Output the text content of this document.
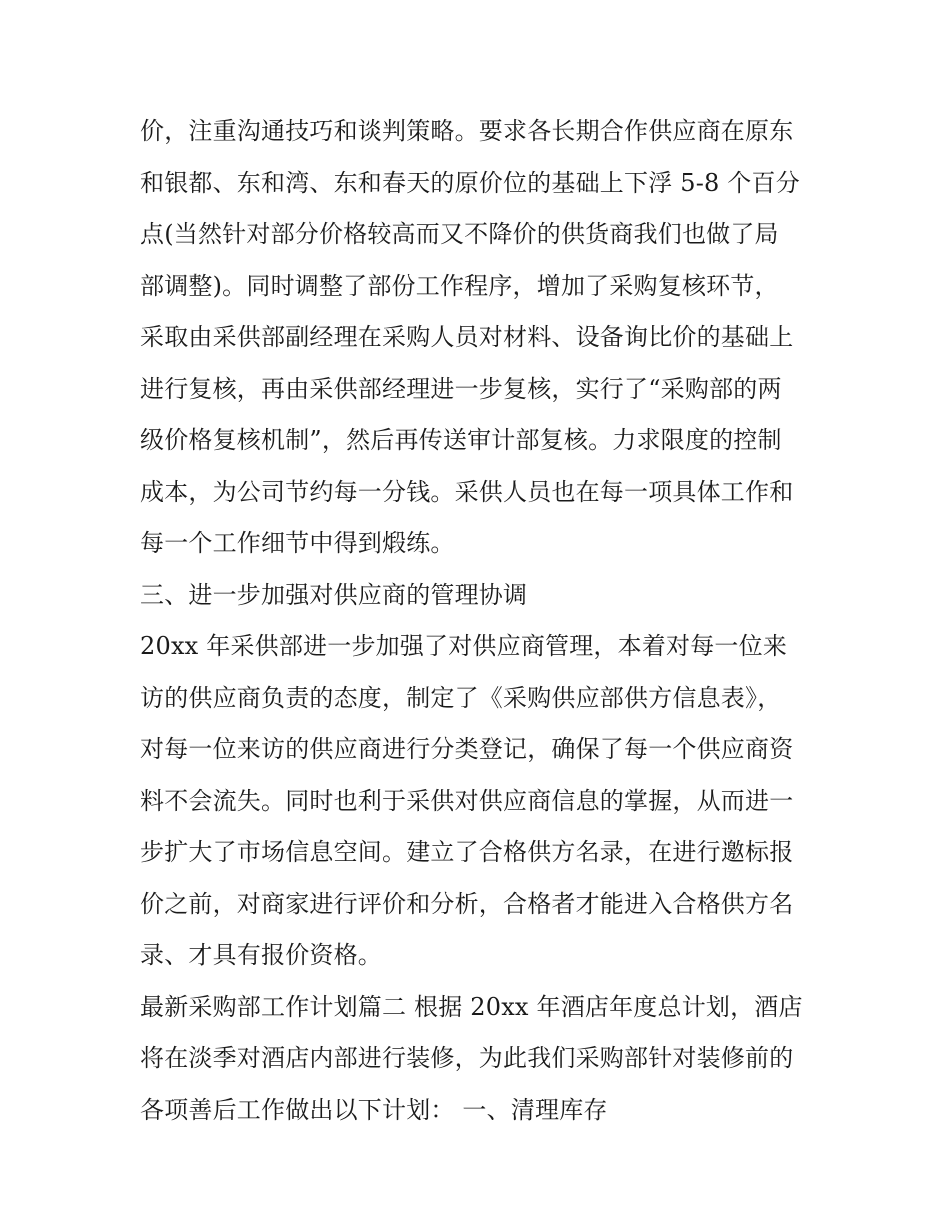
价，注重沟通技巧和谈判策略。要求各长期合作供应商在原东
和银都、东和湾、东和春天的原价位的基础上下浮 5-8 个百分
点(当然针对部分价格较高而又不降价的供货商我们也做了局
部调整)。同时调整了部份工作程序，增加了采购复核环节，
采取由采供部副经理在采购人员对材料、设备询比价的基础上
进行复核，再由采供部经理进一步复核，实行了“采购部的两
级价格复核机制”，然后再传送审计部复核。力求限度的控制
成本，为公司节约每一分钱。采供人员也在每一项具体工作和
每一个工作细节中得到煅练。
三、进一步加强对供应商的管理协调
20xx 年采供部进一步加强了对供应商管理，本着对每一位来
访的供应商负责的态度，制定了《采购供应部供方信息表》，
对每一位来访的供应商进行分类登记，确保了每一个供应商资
料不会流失。同时也利于采供对供应商信息的掌握，从而进一
步扩大了市场信息空间。建立了合格供方名录，在进行邀标报
价之前，对商家进行评价和分析，合格者才能进入合格供方名
录、才具有报价资格。
最新采购部工作计划篇二 根据 20xx 年酒店年度总计划，酒店
将在淡季对酒店内部进行装修，为此我们采购部针对装修前的
各项善后工作做出以下计划： 一、清理库存
